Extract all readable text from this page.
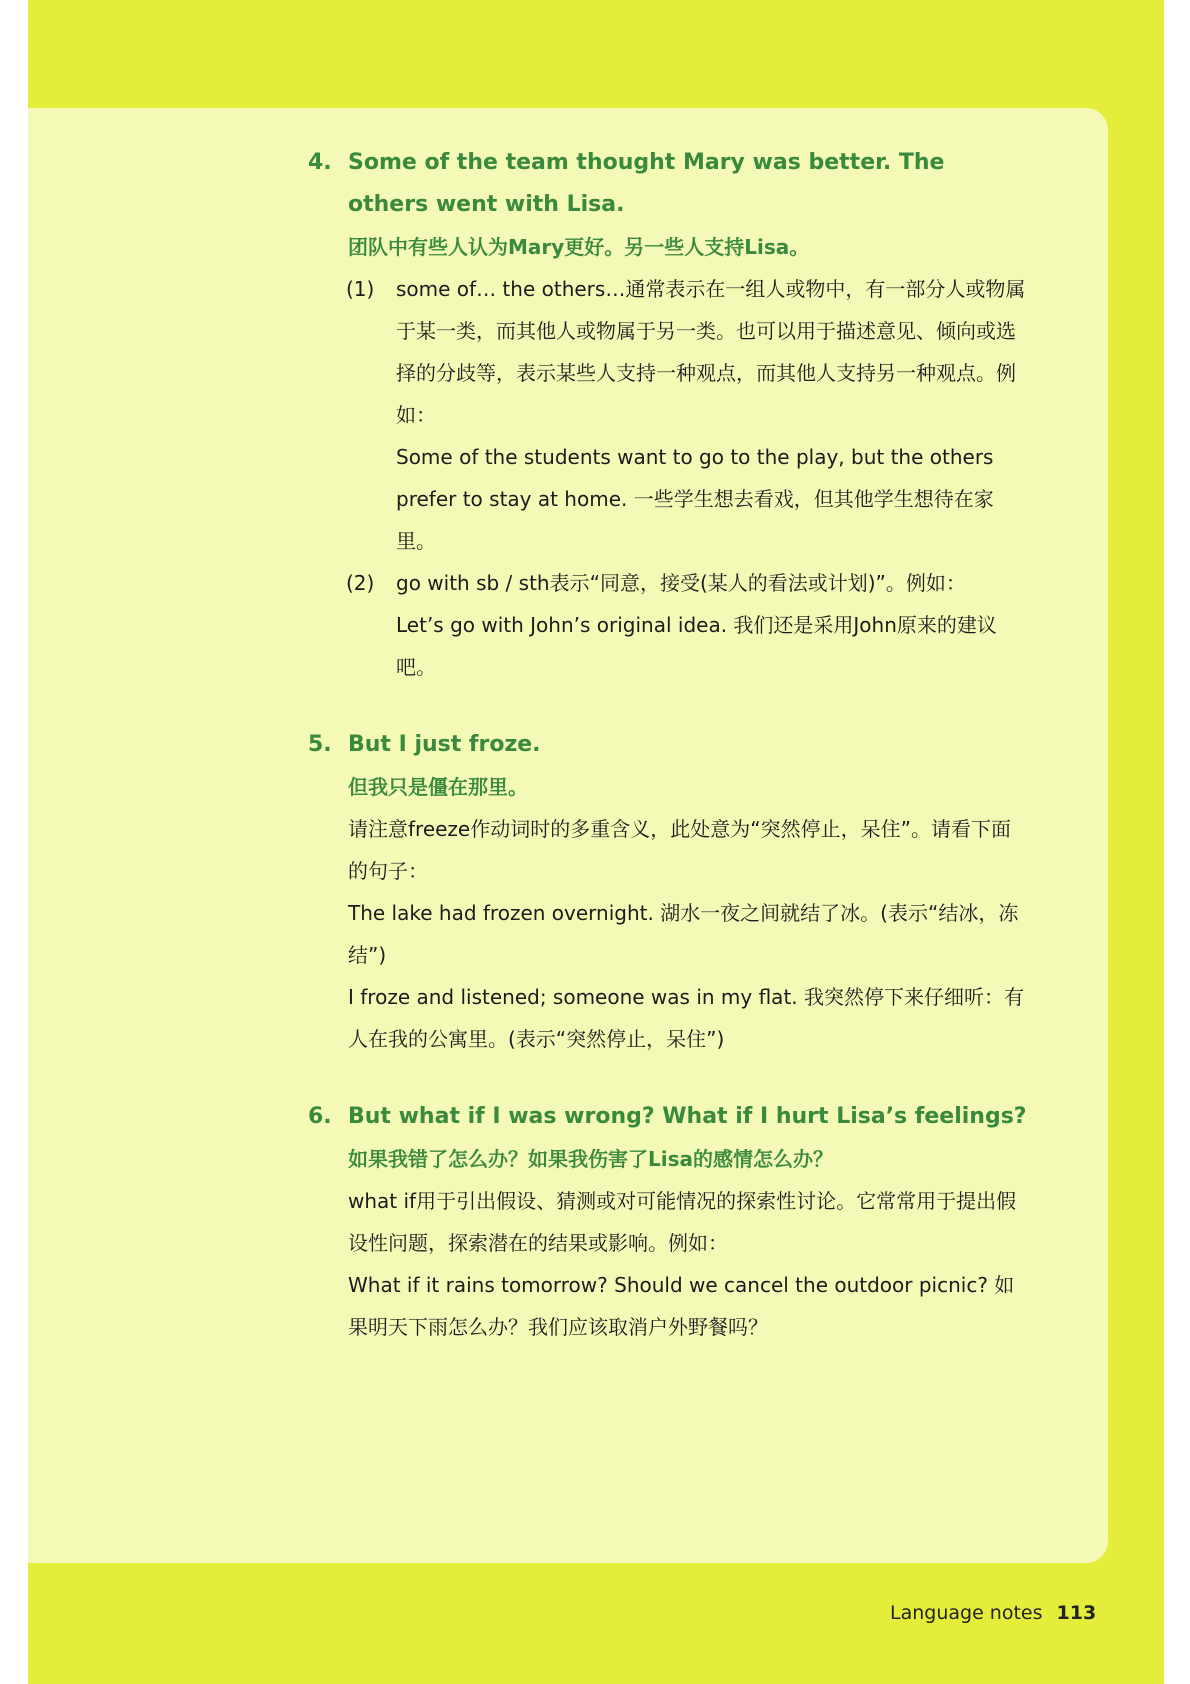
4. Some of the team thought Mary was better. The others went with Lisa.
团队中有些人认为Mary更好。另一些人支持Lisa。
(1) some of… the others…通常表示在一组人或物中，有一部分人或物属于某一类，而其他人或物属于另一类。也可以用于描述意见、倾向或选择的分歧等，表示某些人支持一种观点，而其他人支持另一种观点。例如：
Some of the students want to go to the play, but the others prefer to stay at home. 一些学生想去看戏，但其他学生想待在家里。
(2) go with sb / sth表示“同意，接受(某人的看法或计划)”。例如：
Let’s go with John’s original idea. 我们还是采用John原来的建议吧。
5. But I just froze.
但我只是僵在那里。
请注意freeze作动词时的多重含义，此处意为“突然停止，呆住”。请看下面的句子：
The lake had frozen overnight. 湖水一夜之间就结了冰。(表示“结冰，冻结”)
I froze and listened; someone was in my flat. 我突然停下来仔细听：有人在我的公寓里。(表示“突然停止，呆住”)
6. But what if I was wrong? What if I hurt Lisa’s feelings?
如果我错了怎么办？如果我伤害了Lisa的感情怎么办？
what if用于引出假设、猜测或对可能情况的探索性讨论。它常常用于提出假设性问题，探索潜在的结果或影响。例如：
What if it rains tomorrow? Should we cancel the outdoor picnic? 如果明天下雨怎么办？我们应该取消户外野餐吗？
Language notes 113
